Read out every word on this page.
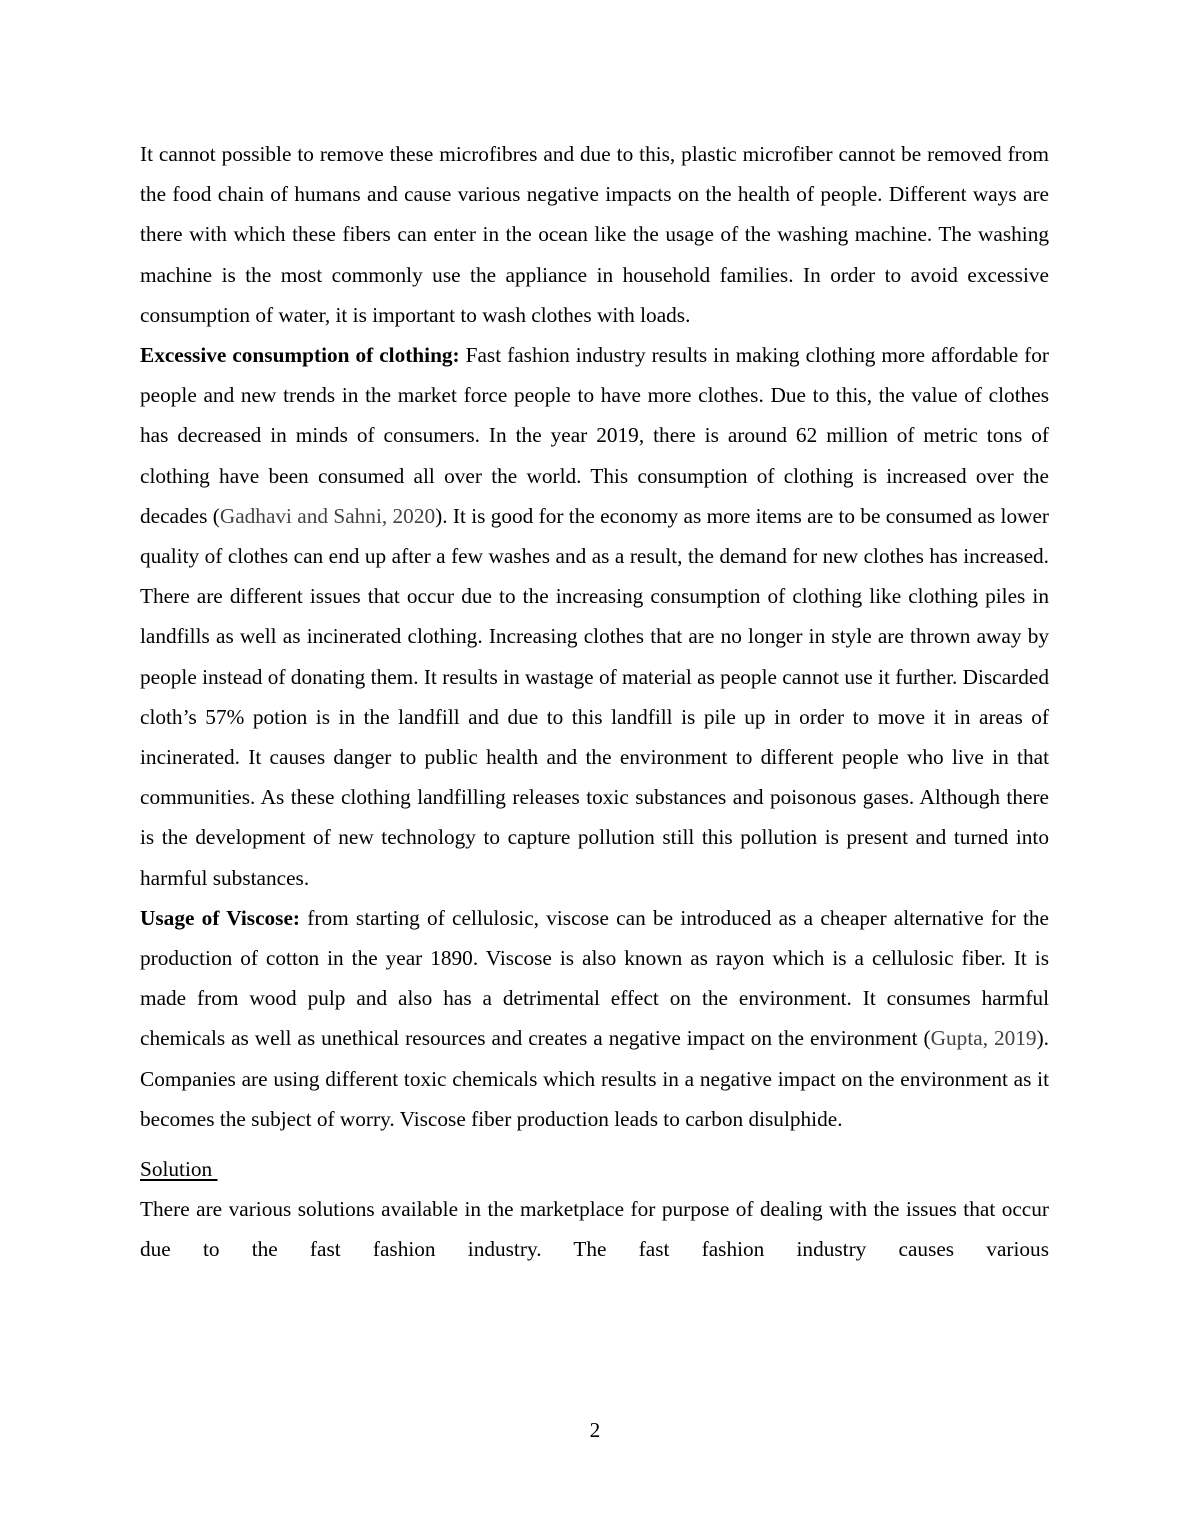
It cannot possible to remove these microfibres and due to this, plastic microfiber cannot be removed from the food chain of humans and cause various negative impacts on the health of people. Different ways are there with which these fibers can enter in the ocean like the usage of the washing machine. The washing machine is the most commonly use the appliance in household families. In order to avoid excessive consumption of water, it is important to wash clothes with loads.

Excessive consumption of clothing: Fast fashion industry results in making clothing more affordable for people and new trends in the market force people to have more clothes. Due to this, the value of clothes has decreased in minds of consumers. In the year 2019, there is around 62 million of metric tons of clothing have been consumed all over the world. This consumption of clothing is increased over the decades (Gadhavi and Sahni, 2020). It is good for the economy as more items are to be consumed as lower quality of clothes can end up after a few washes and as a result, the demand for new clothes has increased. There are different issues that occur due to the increasing consumption of clothing like clothing piles in landfills as well as incinerated clothing. Increasing clothes that are no longer in style are thrown away by people instead of donating them. It results in wastage of material as people cannot use it further. Discarded cloth’s 57% potion is in the landfill and due to this landfill is pile up in order to move it in areas of incinerated. It causes danger to public health and the environment to different people who live in that communities. As these clothing landfilling releases toxic substances and poisonous gases. Although there is the development of new technology to capture pollution still this pollution is present and turned into harmful substances.

Usage of Viscose: from starting of cellulosic, viscose can be introduced as a cheaper alternative for the production of cotton in the year 1890. Viscose is also known as rayon which is a cellulosic fiber. It is made from wood pulp and also has a detrimental effect on the environment. It consumes harmful chemicals as well as unethical resources and creates a negative impact on the environment (Gupta, 2019). Companies are using different toxic chemicals which results in a negative impact on the environment as it becomes the subject of worry. Viscose fiber production leads to carbon disulphide.

Solution

There are various solutions available in the marketplace for purpose of dealing with the issues that occur due to the fast fashion industry. The fast fashion industry causes various

2
